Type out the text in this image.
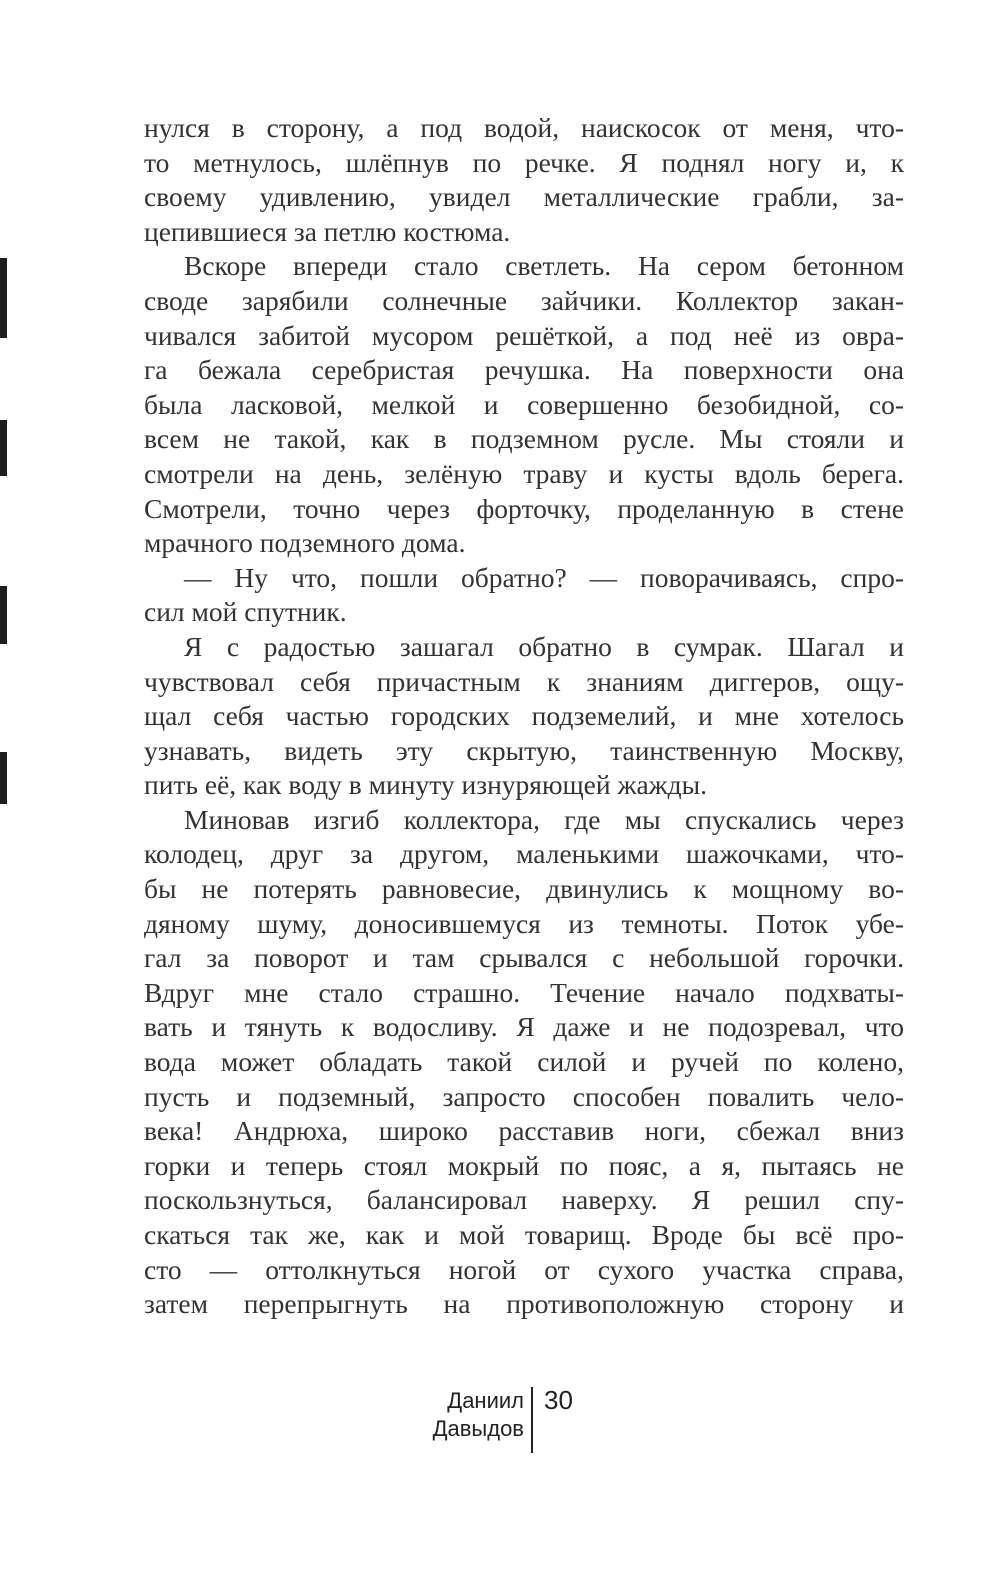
нулся в сторону, а под водой, наискосок от меня, что-
то метнулось, шлёпнув по речке. Я поднял ногу и, к
своему удивлению, увидел металлические грабли, за-
цепившиеся за петлю костюма.
Вскоре впереди стало светлеть. На сером бетонном
своде зарябили солнечные зайчики. Коллектор закан-
чивался забитой мусором решёткой, а под неё из овра-
га бежала серебристая речушка. На поверхности она
была ласковой, мелкой и совершенно безобидной, со-
всем не такой, как в подземном русле. Мы стояли и
смотрели на день, зелёную траву и кусты вдоль берега.
Смотрели, точно через форточку, проделанную в стене
мрачного подземного дома.
— Ну что, пошли обратно? — поворачиваясь, спро-
сил мой спутник.
Я с радостью зашагал обратно в сумрак. Шагал и
чувствовал себя причастным к знаниям диггеров, ощу-
щал себя частью городских подземелий, и мне хотелось
узнавать, видеть эту скрытую, таинственную Москву,
пить её, как воду в минуту изнуряющей жажды.
Миновав изгиб коллектора, где мы спускались через
колодец, друг за другом, маленькими шажочками, что-
бы не потерять равновесие, двинулись к мощному во-
дяному шуму, доносившемуся из темноты. Поток убе-
гал за поворот и там срывался с небольшой горочки.
Вдруг мне стало страшно. Течение начало подхваты-
вать и тянуть к водосливу. Я даже и не подозревал, что
вода может обладать такой силой и ручей по колено,
пусть и подземный, запросто способен повалить чело-
века! Андрюха, широко расставив ноги, сбежал вниз
горки и теперь стоял мокрый по пояс, а я, пытаясь не
поскользнуться, балансировал наверху. Я решил спу-
скаться так же, как и мой товарищ. Вроде бы всё про-
сто — оттолкнуться ногой от сухого участка справа,
затем перепрыгнуть на противоположную сторону и
Даниил
Давыдов
30
